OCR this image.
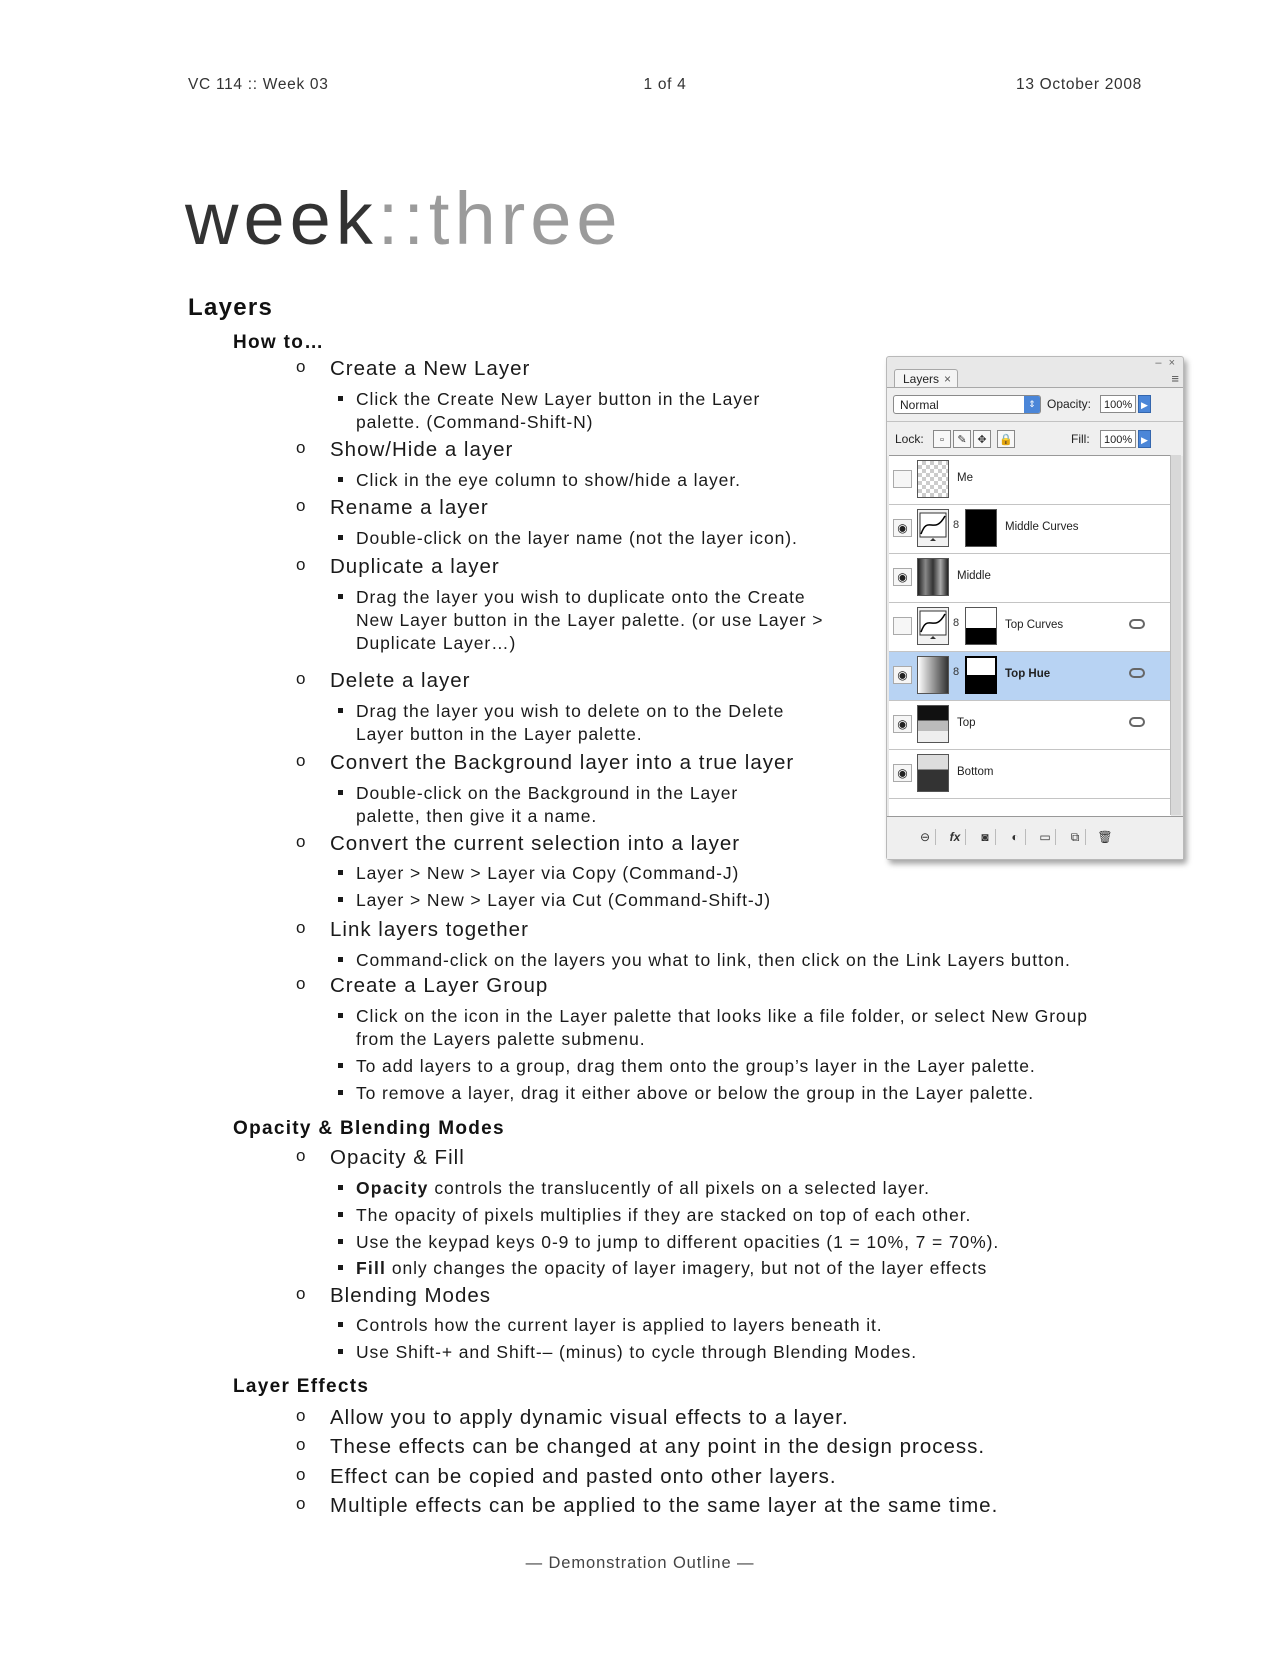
VC 114 :: Week 03	1 of 4	13 October 2008
week::three
Layers
How to…
o Create a New Layer
Click the Create New Layer button in the Layer palette. (Command-Shift-N)
o Show/Hide a layer
Click in the eye column to show/hide a layer.
o Rename a layer
Double-click on the layer name (not the layer icon).
o Duplicate a layer
Drag the layer you wish to duplicate onto the Create New Layer button in the Layer palette. (or use Layer > Duplicate Layer…)
o Delete a layer
Drag the layer you wish to delete on to the Delete Layer button in the Layer palette.
o Convert the Background layer into a true layer
Double-click on the Background in the Layer palette, then give it a name.
o Convert the current selection into a layer
Layer > New > Layer via Copy (Command-J)
Layer > New > Layer via Cut (Command-Shift-J)
o Link layers together
Command-click on the layers you what to link, then click on the Link Layers button.
o Create a Layer Group
Click on the icon in the Layer palette that looks like a file folder, or select New Group from the Layers palette submenu.
To add layers to a group, drag them onto the group’s layer in the Layer palette.
To remove a layer, drag it either above or below the group in the Layer palette.
Opacity & Blending Modes
o Opacity & Fill
Opacity controls the translucently of all pixels on a selected layer.
The opacity of pixels multiplies if they are stacked on top of each other.
Use the keypad keys 0-9 to jump to different opacities (1 = 10%, 7 = 70%).
Fill only changes the opacity of layer imagery, but not of the layer effects
o Blending Modes
Controls how the current layer is applied to layers beneath it.
Use Shift-+ and Shift-– (minus) to cycle through Blending Modes.
Layer Effects
o Allow you to apply dynamic visual effects to a layer.
o These effects can be changed at any point in the design process.
o Effect can be copied and pasted onto other layers.
o Multiple effects can be applied to the same layer at the same time.
– ×
Layers ×	≡
Normal	⇕ Opacity:	100% ▶
Lock:	▫	✎ ✥	🔒	Fill:	100% ▶
Me
◉	8	Middle Curves
◉	Middle
8	Top Curves
◉	8	Top Hue
◉	Top
◉	Bottom
⊖	fx	◙	◐	▭	⧉	🗑
— Demonstration Outline —
